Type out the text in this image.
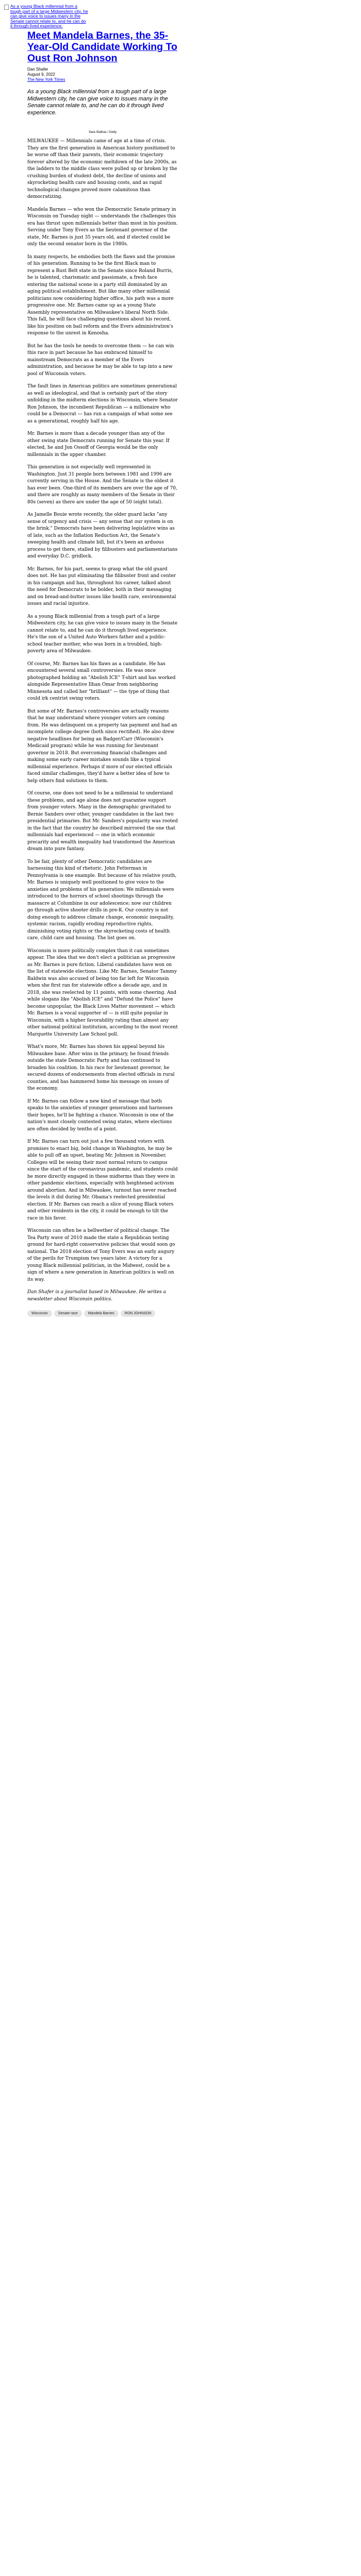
As a young Black millennial from a tough part of a large Midwestern city, he can give voice to issues many in the Senate cannot relate to, and he can do it through lived experience.
Meet Mandela Barnes, the 35-Year-Old Candidate Working To Oust Ron Johnson

Dan Shafer

August 9, 2022

The New York Times

As a young Black millennial from a tough part of a large Midwestern city, he can give voice to issues many in the Senate cannot relate to, and he can do it through lived experience.

Sara Stathas / Getty

MILWAUKEE — Millennials came of age at a time of crisis. They are the first generation in American history positioned to be worse off than their parents, their economic trajectory forever altered by the economic meltdown of the late 2000s, as the ladders to the middle class were pulled up or broken by the crushing burden of student debt, the decline of unions and skyrocketing health care and housing costs, and as rapid technological changes proved more calamitous than democratizing.

Mandela Barnes — who won the Democratic Senate primary in Wisconsin on Tuesday night — understands the challenges this era has thrust upon millennials better than most in his position. Serving under Tony Evers as the lieutenant governor of the state, Mr. Barnes is just 35 years old, and if elected could be only the second senator born in the 1980s.

In many respects, he embodies both the flaws and the promise of his generation. Running to be the first Black man to represent a Rust Belt state in the Senate since Roland Burris, he is talented, charismatic and passionate, a fresh face entering the national scene in a party still dominated by an aging political establishment. But like many other millennial politicians now considering higher office, his path was a more progressive one. Mr. Barnes came up as a young State Assembly representative on Milwaukee's liberal North Side. This fall, he will face challenging questions about his record, like his position on bail reform and the Evers administration's response to the unrest in Kenosha.

But he has the tools he needs to overcome them — he can win this race in part because he has embraced himself to mainstream Democrats as a member of the Evers administration, and because he may be able to tap into a new pool of Wisconsin voters.

The fault lines in American politics are sometimes generational as well as ideological, and that is certainly part of the story unfolding in the midterm elections in Wisconsin, where Senator Ron Johnson, the incumbent Republican — a millionaire who could be a Democrat — has run a campaign of what some see as a generational, roughly half his age.

Mr. Barnes is more than a decade younger than any of the other swing state Democrats running for Senate this year. If elected, he and Jon Ossoff of Georgia would be the only millennials in the upper chamber.

This generation is not especially well represented in Washington. Just 31 people born between 1981 and 1996 are currently serving in the House. And the Senate is the oldest it has ever been. One-third of its members are over the age of 70, and there are roughly as many members of the Senate in their 80s (seven) as there are under the age of 50 (eight total).

As Jamelle Bouie wrote recently, the older guard lacks "any sense of urgency and crisis — any sense that our system is on the brink." Democrats have been delivering legislative wins as of late, such as the Inflation Reduction Act, the Senate's sweeping health and climate bill, but it's been an arduous process to get there, stalled by filibusters and parliamentarians and everyday D.C. gridlock.

Mr. Barnes, for his part, seems to grasp what the old guard does not. He has put eliminating the filibuster front and center in his campaign and has, throughout his career, talked about the need for Democrats to be bolder, both in their messaging and on bread-and-butter issues like health care, environmental issues and racial injustice.

As a young Black millennial from a tough part of a large Midwestern city, he can give voice to issues many in the Senate cannot relate to, and he can do it through lived experience. He's the son of a United Auto Workers father and a public-school teacher mother, who was born in a troubled, high-poverty area of Milwaukee.

Of course, Mr. Barnes has his flaws as a candidate. He has encountered several small controversies. He was once photographed holding an "Abolish ICE" T-shirt and has worked alongside Representative Ilhan Omar from neighboring Minnesota and called her "brilliant" — the type of thing that could irk centrist swing voters.

But some of Mr. Barnes's controversies are actually reasons that he may understand where younger voters are coming from. He was delinquent on a property tax payment and had an incomplete college degree (both since rectified). He also drew negative headlines for being an Badger/Carr (Wisconsin's Medicaid program) while he was running for lieutenant governor in 2018. But overcoming financial challenges and making some early career mistakes sounds like a typical millennial experience. Perhaps if more of our elected officials faced similar challenges, they'd have a better idea of how to help others find solutions to them.

Of course, one does not need to be a millennial to understand these problems, and age alone does not guarantee support from younger voters. Many in the demographic gravitated to Bernie Sanders over other, younger candidates in the last two presidential primaries. But Mr. Sanders's popularity was rooted in the fact that the country he described mirrored the one that millennials had experienced — one in which economic precarity and wealth inequality had transformed the American dream into pure fantasy.

To be fair, plenty of other Democratic candidates are harnessing this kind of rhetoric. John Fetterman in Pennsylvania is one example. But because of his relative youth, Mr. Barnes is uniquely well positioned to give voice to the anxieties and problems of his generation: We millennials were introduced to the horrors of school shootings through the massacre at Columbine in our adolescence; now our children go through active shooter drills in pre-K. Our country is not doing enough to address climate change, economic inequality, systemic racism, rapidly eroding reproductive rights, diminishing voting rights or the skyrocketing costs of health care, child care and housing. The list goes on.

Wisconsin is more politically complex than it can sometimes appear. The idea that we don't elect a politician as progressive as Mr. Barnes is pure fiction. Liberal candidates have won on the list of statewide elections. Like Mr. Barnes, Senator Tammy Baldwin was also accused of being too far left for Wisconsin when she first ran for statewide office a decade ago, and in 2018, she was reelected by 11 points, with some cheering. And while slogans like "Abolish ICE" and "Defund the Police" have become unpopular, the Black Lives Matter movement — which Mr. Barnes is a vocal supporter of — is still quite popular in Wisconsin, with a higher favorability rating than almost any other national political institution, according to the most recent Marquette University Law School poll.

What's more, Mr. Barnes has shown his appeal beyond his Milwaukee base. After wins in the primary, he found friends outside the state Democratic Party and has continued to broaden his coalition. In his race for lieutenant governor, he secured dozens of endorsements from elected officials in rural counties, and has hammered home his message on issues of the economy.

If Mr. Barnes can follow a new kind of message that both speaks to the anxieties of younger generations and harnesses their hopes, he'll be fighting a chance. Wisconsin is one of the nation's most closely contested swing states, where elections are often decided by tenths of a point.

If Mr. Barnes can turn out just a few thousand voters with promises to enact big, bold change in Washington, he may be able to pull off an upset, beating Mr. Johnson in November. Colleges will be seeing their most normal return to campus since the start of the coronavirus pandemic, and students could be more directly engaged in these midterms than they were in other pandemic elections, especially with heightened activism around abortion. And in Milwaukee, turnout has never reached the levels it did during Mr. Obama's reelected presidential election. If Mr. Barnes can reach a slice of young Black voters and other residents in the city, it could be enough to tilt the race in his favor.

Wisconsin can often be a bellwether of political change. The Tea Party wave of 2010 made the state a Republican testing ground for hard-right conservative policies that would soon go national. The 2018 election of Tony Evers was an early augury of the perils for Trumpism two years later. A victory for a young Black millennial politician, in the Midwest, could be a sign of where a new generation in American politics is well on its way.

Dan Shafer is a journalist based in Milwaukee. He writes a newsletter about Wisconsin politics.

Wisconsin	Senate race	Mandela Barnes	RON JOHNSON
